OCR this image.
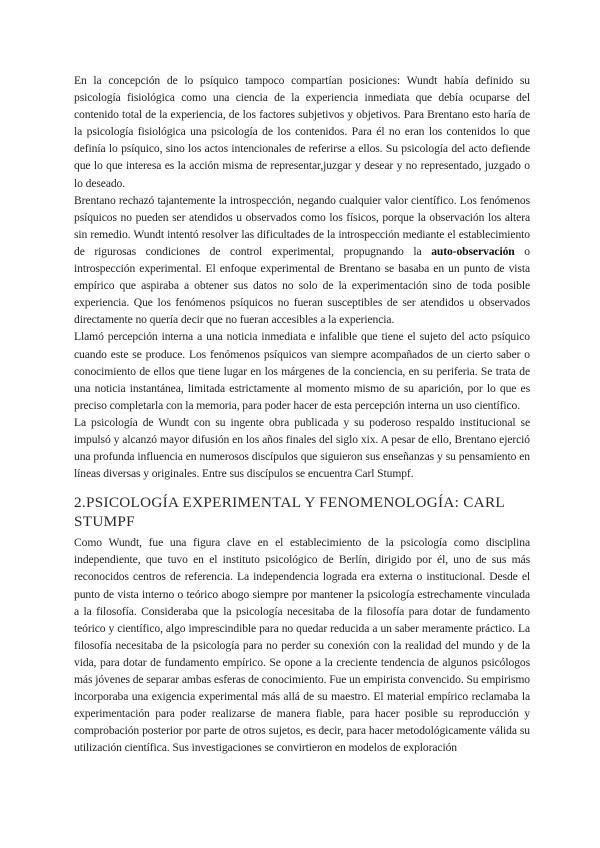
En la concepción de lo psíquico tampoco compartían posiciones: Wundt había definido su psicología fisiológica como una ciencia de la experiencia inmediata que debía ocuparse del contenido total de la experiencia, de los factores subjetivos y objetivos. Para Brentano esto haría de la psicología fisiológica una psicología de los contenidos. Para él no eran los contenidos lo que definía lo psíquico, sino los actos intencionales de referirse a ellos. Su psicología del acto defiende que lo que interesa es la acción misma de representar,juzgar y desear y no representado, juzgado o lo deseado.

Brentano rechazó tajantemente la introspección, negando cualquier valor científico. Los fenómenos psíquicos no pueden ser atendidos u observados como los físicos, porque la observación los altera sin remedio. Wundt intentó resolver las dificultades de la introspección mediante el establecimiento de rigurosas condiciones de control experimental, propugnando la auto-observación o introspección experimental. El enfoque experimental de Brentano se basaba en un punto de vista empírico que aspiraba a obtener sus datos no solo de la experimentación sino de toda posible experiencia. Que los fenómenos psíquicos no fueran susceptibles de ser atendidos u observados directamente no quería decir que no fueran accesibles a la experiencia.

Llamó percepción interna a una noticia inmediata e infalible que tiene el sujeto del acto psíquico cuando este se produce. Los fenómenos psíquicos van siempre acompañados de un cierto saber o conocimiento de ellos que tiene lugar en los márgenes de la conciencia, en su periferia. Se trata de una noticia instantánea, limitada estrictamente al momento mismo de su aparición, por lo que es preciso completarla con la memoria, para poder hacer de esta percepción interna un uso científico.

La psicología de Wundt con su ingente obra publicada y su poderoso respaldo institucional se impulsó y alcanzó mayor difusión en los años finales del siglo xix. A pesar de ello, Brentano ejerció una profunda influencia en numerosos discípulos que siguieron sus enseñanzas y su pensamiento en líneas diversas y originales. Entre sus discípulos se encuentra Carl Stumpf.

2.PSICOLOGÍA EXPERIMENTAL Y FENOMENOLOGÍA: CARL STUMPF

Como Wundt, fue una figura clave en el establecimiento de la psicología como disciplina independiente, que tuvo en el instituto psicológico de Berlín, dirigido por él, uno de sus más reconocidos centros de referencia. La independencia lograda era externa o institucional. Desde el punto de vista interno o teórico abogo siempre por mantener la psicología estrechamente vinculada a la filosofía. Consideraba que la psicología necesitaba de la filosofía para dotar de fundamento teórico y científico, algo imprescindible para no quedar reducida a un saber meramente práctico. La filosofía necesitaba de la psicología para no perder su conexión con la realidad del mundo y de la vida, para dotar de fundamento empírico. Se opone a la creciente tendencia de algunos psicólogos más jóvenes de separar ambas esferas de conocimiento. Fue un empirista convencido. Su empirismo incorporaba una exigencia experimental más allá de su maestro. El material empírico reclamaba la experimentación para poder realizarse de manera fiable, para hacer posible su reproducción y comprobación posterior por parte de otros sujetos, es decir, para hacer metodológicamente válida su utilización científica. Sus investigaciones se convirtieron en modelos de exploración
